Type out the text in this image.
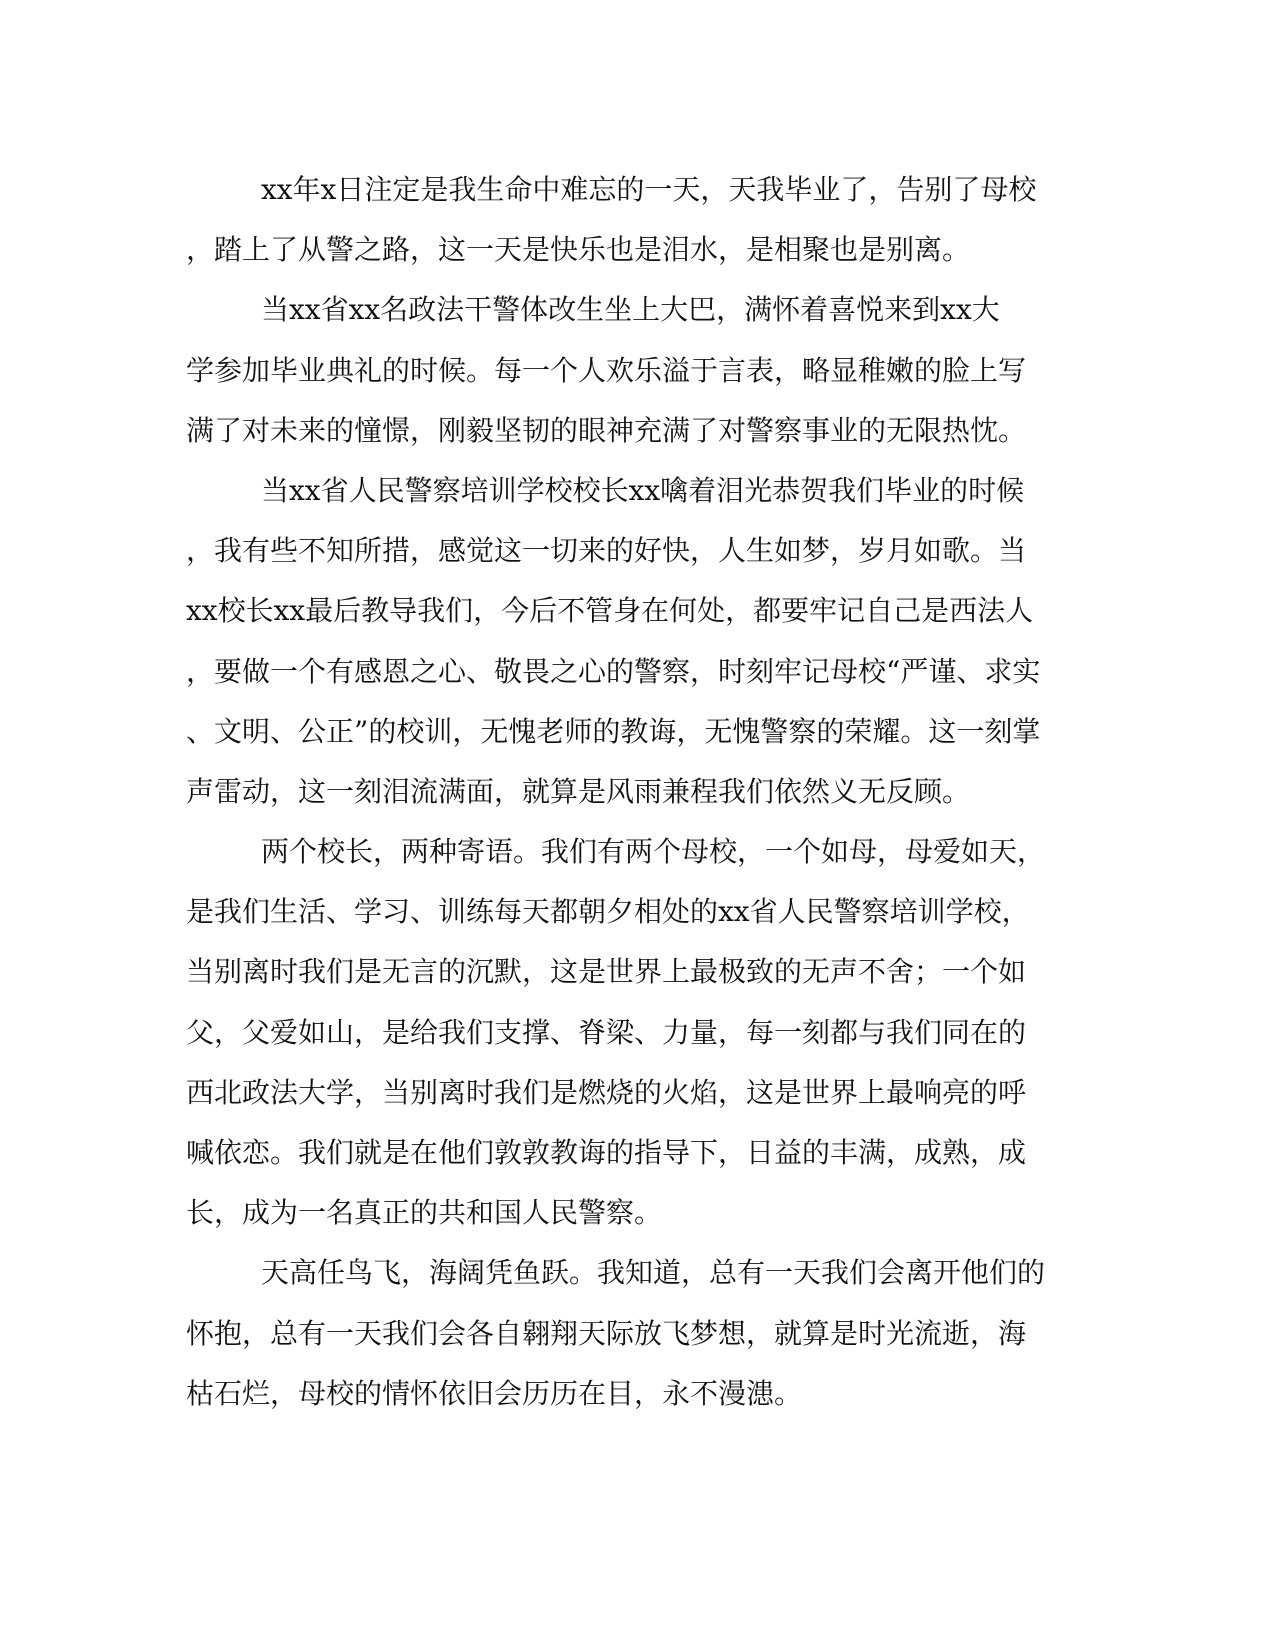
xx年x日注定是我生命中难忘的一天，天我毕业了，告别了母校
，踏上了从警之路，这一天是快乐也是泪水，是相聚也是别离。
当xx省xx名政法干警体改生坐上大巴，满怀着喜悦来到xx大
学参加毕业典礼的时候。每一个人欢乐溢于言表，略显稚嫩的脸上写
满了对未来的憧憬，刚毅坚韧的眼神充满了对警察事业的无限热忱。
当xx省人民警察培训学校校长xx噙着泪光恭贺我们毕业的时候
，我有些不知所措，感觉这一切来的好快，人生如梦，岁月如歌。当
xx校长xx最后教导我们，今后不管身在何处，都要牢记自己是西法人
，要做一个有感恩之心、敬畏之心的警察，时刻牢记母校“严谨、求实
、文明、公正”的校训，无愧老师的教诲，无愧警察的荣耀。这一刻掌
声雷动，这一刻泪流满面，就算是风雨兼程我们依然义无反顾。
两个校长，两种寄语。我们有两个母校，一个如母，母爱如天，
是我们生活、学习、训练每天都朝夕相处的xx省人民警察培训学校，
当别离时我们是无言的沉默，这是世界上最极致的无声不舍；一个如
父，父爱如山，是给我们支撑、脊梁、力量，每一刻都与我们同在的
西北政法大学，当别离时我们是燃烧的火焰，这是世界上最响亮的呼
喊依恋。我们就是在他们敦敦教诲的指导下，日益的丰满，成熟，成
长，成为一名真正的共和国人民警察。
天高任鸟飞，海阔凭鱼跃。我知道，总有一天我们会离开他们的
怀抱，总有一天我们会各自翱翔天际放飞梦想，就算是时光流逝，海
枯石烂，母校的情怀依旧会历历在目，永不漫漶。
